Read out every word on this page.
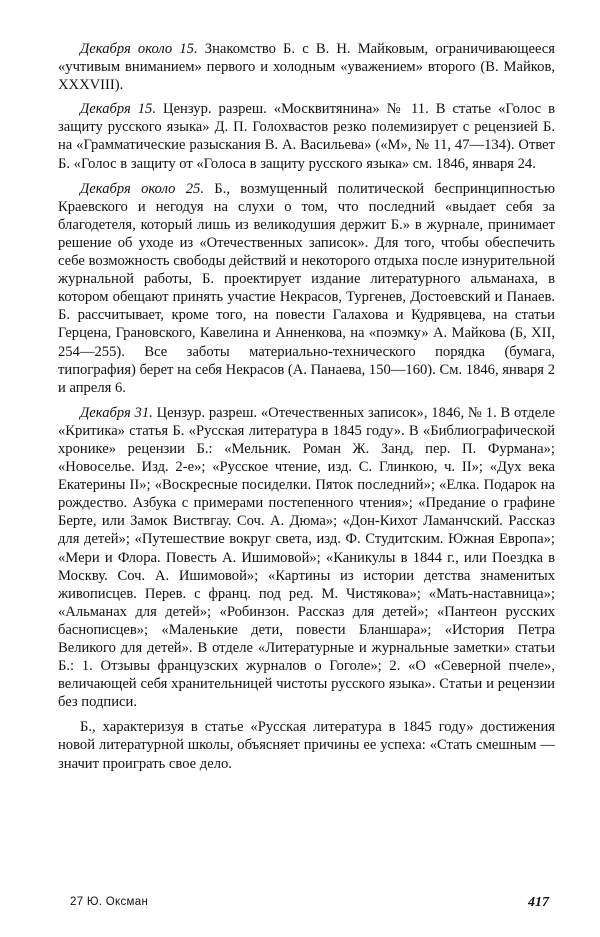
Декабря около 15. Знакомство Б. с В. Н. Майковым, ограничивающееся «учтивым вниманием» первого и холодным «уважением» второго (В. Майков, XXXVIII).

Декабря 15. Цензур. разреш. «Москвитянина» № 11. В статье «Голос в защиту русского языка» Д. П. Голохвастов резко полемизирует с рецензией Б. на «Грамматические разыскания В. А. Васильева» («М», № 11, 47—134). Ответ Б. «Голос в защиту от «Голоса в защиту русского языка» см. 1846, января 24.

Декабря около 25. Б., возмущенный политической беспринципностью Краевского и негодуя на слухи о том, что последний «выдает себя за благодетеля, который лишь из великодушия держит Б.» в журнале, принимает решение об уходе из «Отечественных записок». Для того, чтобы обеспечить себе возможность свободы действий и некоторого отдыха после изнурительной журнальной работы, Б. проектирует издание литературного альманаха, в котором обещают принять участие Некрасов, Тургенев, Достоевский и Панаев. Б. рассчитывает, кроме того, на повести Галахова и Кудрявцева, на статьи Герцена, Грановского, Кавелина и Анненкова, на «поэмку» А. Майкова (Б, XII, 254—255). Все заботы материально-технического порядка (бумага, типография) берет на себя Некрасов (А. Панаева, 150—160). См. 1846, января 2 и апреля 6.

Декабря 31. Цензур. разреш. «Отечественных записок», 1846, № 1. В отделе «Критика» статья Б. «Русская литература в 1845 году». В «Библиографической хронике» рецензии Б.: «Мельник. Роман Ж. Занд, пер. П. Фурмана»; «Новоселье. Изд. 2-е»; «Русское чтение, изд. С. Глинкою, ч. II»; «Дух века Екатерины II»; «Воскресные посиделки. Пяток последний»; «Елка. Подарок на рождество. Азбука с примерами постепенного чтения»; «Предание о графине Берте, или Замок Виствгау. Соч. А. Дюма»; «Дон-Кихот Ламанчский. Рассказ для детей»; «Путешествие вокруг света, изд. Ф. Студитским. Южная Европа»; «Мери и Флора. Повесть А. Ишимовой»; «Каникулы в 1844 г., или Поездка в Москву. Соч. А. Ишимовой»; «Картины из истории детства знаменитых живописцев. Перев. с франц. под ред. М. Чистякова»; «Мать-наставница»; «Альманах для детей»; «Робинзон. Рассказ для детей»; «Пантеон русских баснописцев»; «Маленькие дети, повести Бланшара»; «История Петра Великого для детей». В отделе «Литературные и журнальные заметки» статьи Б.: 1. Отзывы французских журналов о Гоголе»; 2. «О «Северной пчеле», величающей себя хранительницей чистоты русского языка». Статьи и рецензии без подписи.

Б., характеризуя в статье «Русская литература в 1845 году» достижения новой литературной школы, объясняет причины ее успеха: «Стать смешным — значит проиграть свое дело.

27 Ю. Оксман	417
